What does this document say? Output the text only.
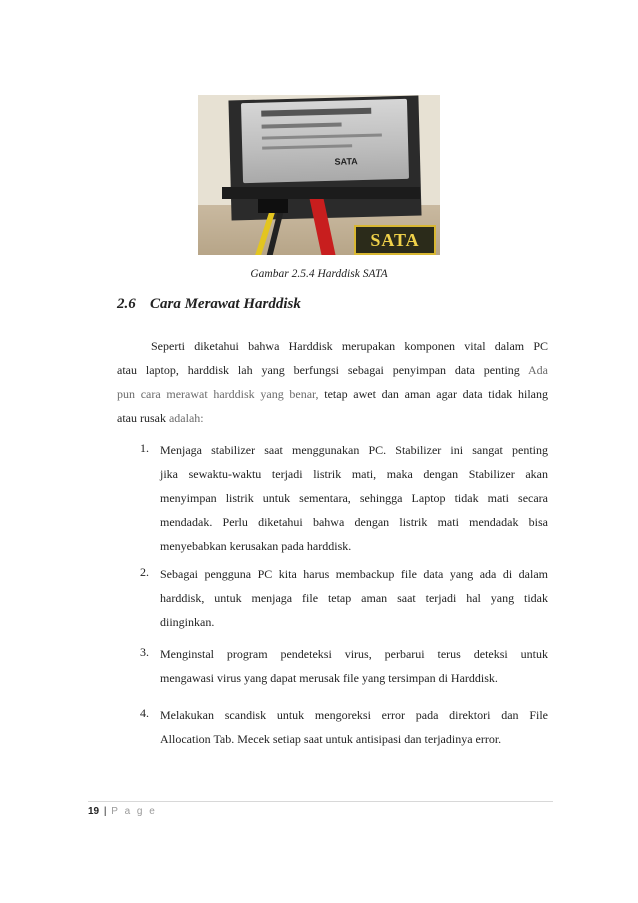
SATA
SATA
Gambar 2.5.4 Harddisk SATA
2.6 Cara Merawat Harddisk
Seperti diketahui bahwa Harddisk merupakan komponen vital dalam PC
atau laptop, harddisk lah yang berfungsi sebagai penyimpan data penting Ada
pun cara merawat harddisk yang benar, tetap awet dan aman agar data tidak hilang
atau rusak adalah:
1. Menjaga stabilizer saat menggunakan PC. Stabilizer ini sangat penting
jika sewaktu-waktu terjadi listrik mati, maka dengan Stabilizer akan
menyimpan listrik untuk sementara, sehingga Laptop tidak mati secara
mendadak. Perlu diketahui bahwa dengan listrik mati mendadak bisa
menyebabkan kerusakan pada harddisk.
2. Sebagai pengguna PC kita harus membackup file data yang ada di dalam
harddisk, untuk menjaga file tetap aman saat terjadi hal yang tidak
diinginkan.
3. Menginstal program pendeteksi virus, perbarui terus deteksi untuk
mengawasi virus yang dapat merusak file yang tersimpan di Harddisk.
4. Melakukan scandisk untuk mengoreksi error pada direktori dan File
Allocation Tab. Mecek setiap saat untuk antisipasi dan terjadinya error.
19 | P a g e
